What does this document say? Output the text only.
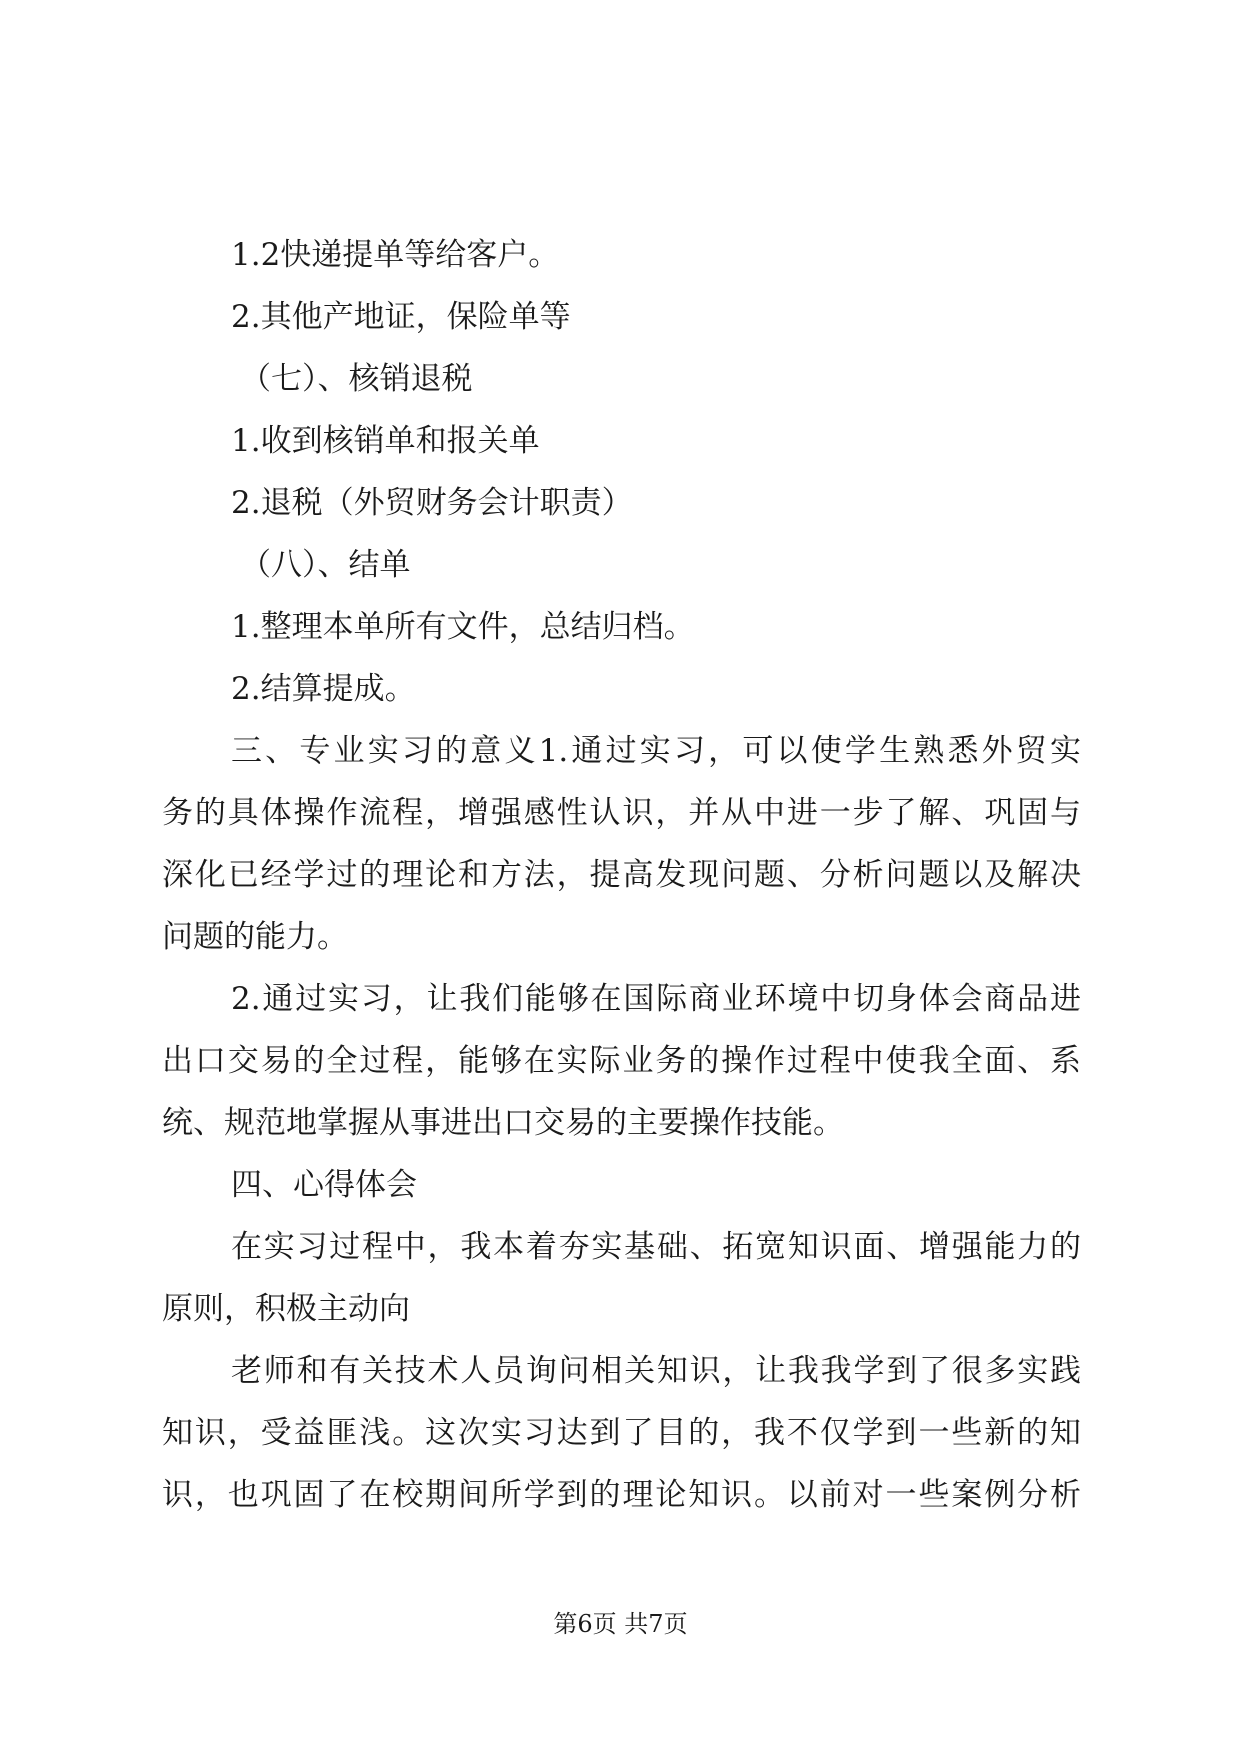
1.2快递提单等给客户。
2.其他产地证，保险单等
（七）、核销退税
1.收到核销单和报关单
2.退税（外贸财务会计职责）
（八）、结单
1.整理本单所有文件，总结归档。
2.结算提成。
三、专业实习的意义1.通过实习，可以使学生熟悉外贸实
务的具体操作流程，增强感性认识，并从中进一步了解、巩固与
深化已经学过的理论和方法，提高发现问题、分析问题以及解决
问题的能力。
2.通过实习，让我们能够在国际商业环境中切身体会商品进
出口交易的全过程，能够在实际业务的操作过程中使我全面、系
统、规范地掌握从事进出口交易的主要操作技能。
四、心得体会
在实习过程中，我本着夯实基础、拓宽知识面、增强能力的
原则，积极主动向
老师和有关技术人员询问相关知识，让我我学到了很多实践
知识，受益匪浅。这次实习达到了目的，我不仅学到一些新的知
识，也巩固了在校期间所学到的理论知识。以前对一些案例分析
第6页 共7页
